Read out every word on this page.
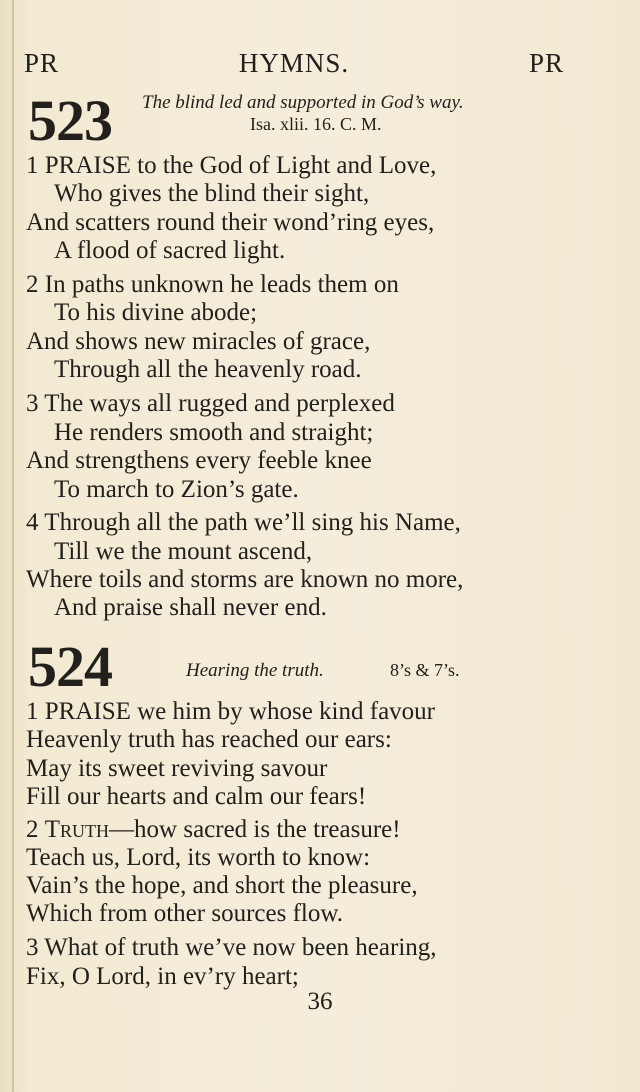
PR	HYMNS.	PR
523 The blind led and supported in God’s way.
Isa. xlii. 16. C. M.
1 PRAISE to the God of Light and Love,
Who gives the blind their sight,
And scatters round their wond’ring eyes,
A flood of sacred light.
2 In paths unknown he leads them on
To his divine abode;
And shows new miracles of grace,
Through all the heavenly road.
3 The ways all rugged and perplexed
He renders smooth and straight;
And strengthens every feeble knee
To march to Zion’s gate.
4 Through all the path we’ll sing his Name,
Till we the mount ascend,
Where toils and storms are known no more,
And praise shall never end.
524	Hearing the truth.	8’s & 7’s.
1 PRAISE we him by whose kind favour
Heavenly truth has reached our ears:
May its sweet reviving savour
Fill our hearts and calm our fears!
2 Truth—how sacred is the treasure!
Teach us, Lord, its worth to know:
Vain’s the hope, and short the pleasure,
Which from other sources flow.
3 What of truth we’ve now been hearing,
Fix, O Lord, in ev’ry heart;
36
